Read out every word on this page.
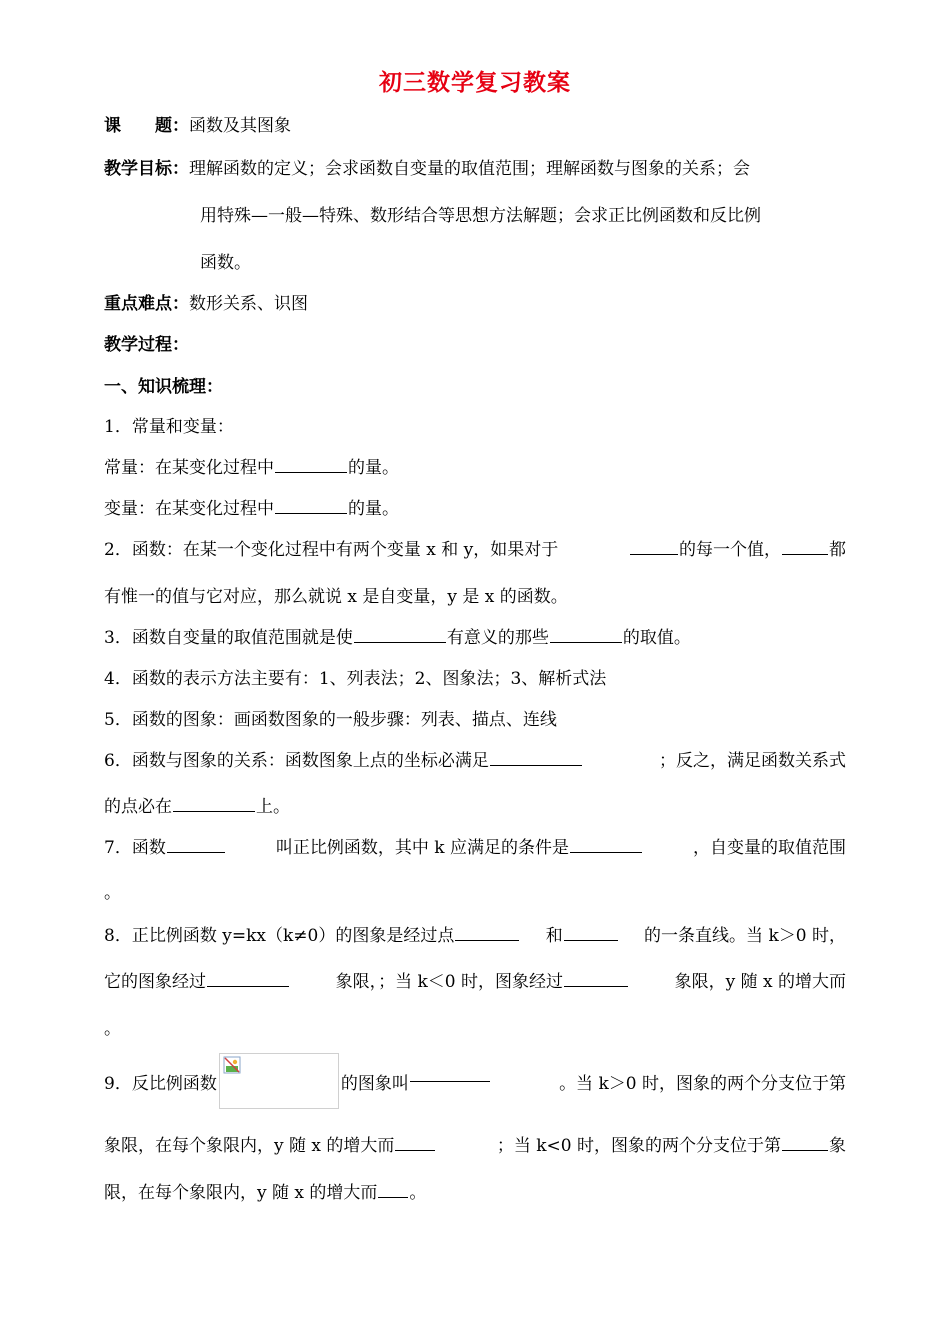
初三数学复习教案
课　　题：函数及其图象
教学目标：理解函数的定义；会求函数自变量的取值范围；理解函数与图象的关系；会
用特殊—一般—特殊、数形结合等思想方法解题；会求正比例函数和反比例
函数。
重点难点：数形关系、识图
教学过程：
一、知识梳理：
1．常量和变量：
常量：在某变化过程中	的量。
变量：在某变化过程中	的量。
2．函数：在某一个变化过程中有两个变量 x 和 y，如果对于	的每一个值，	都
有惟一的值与它对应，那么就说 x 是自变量，y 是 x 的函数。
3．函数自变量的取值范围就是使	有意义的那些	的取值。
4．函数的表示方法主要有：1、列表法；2、图象法；3、解析式法
5．函数的图象：画函数图象的一般步骤：列表、描点、连线
6．函数与图象的关系：函数图象上点的坐标必满足	；反之，满足函数关系式
的点必在	上。
7．函数	叫正比例函数，其中 k 应满足的条件是	，自变量的取值范围
。
8．正比例函数 y=kx（k≠0）的图象是经过点	和	的一条直线。当 k＞0 时，
它的图象经过	象限，；当 k＜0 时，图象经过	象限，y 随 x 的增大而
。
9．反比例函数	的图象叫	。当 k＞0 时，图象的两个分支位于第
象限，在每个象限内，y 随 x 的增大而	；当 k<0 时，图象的两个分支位于第	象
限，在每个象限内，y 随 x 的增大而 。
